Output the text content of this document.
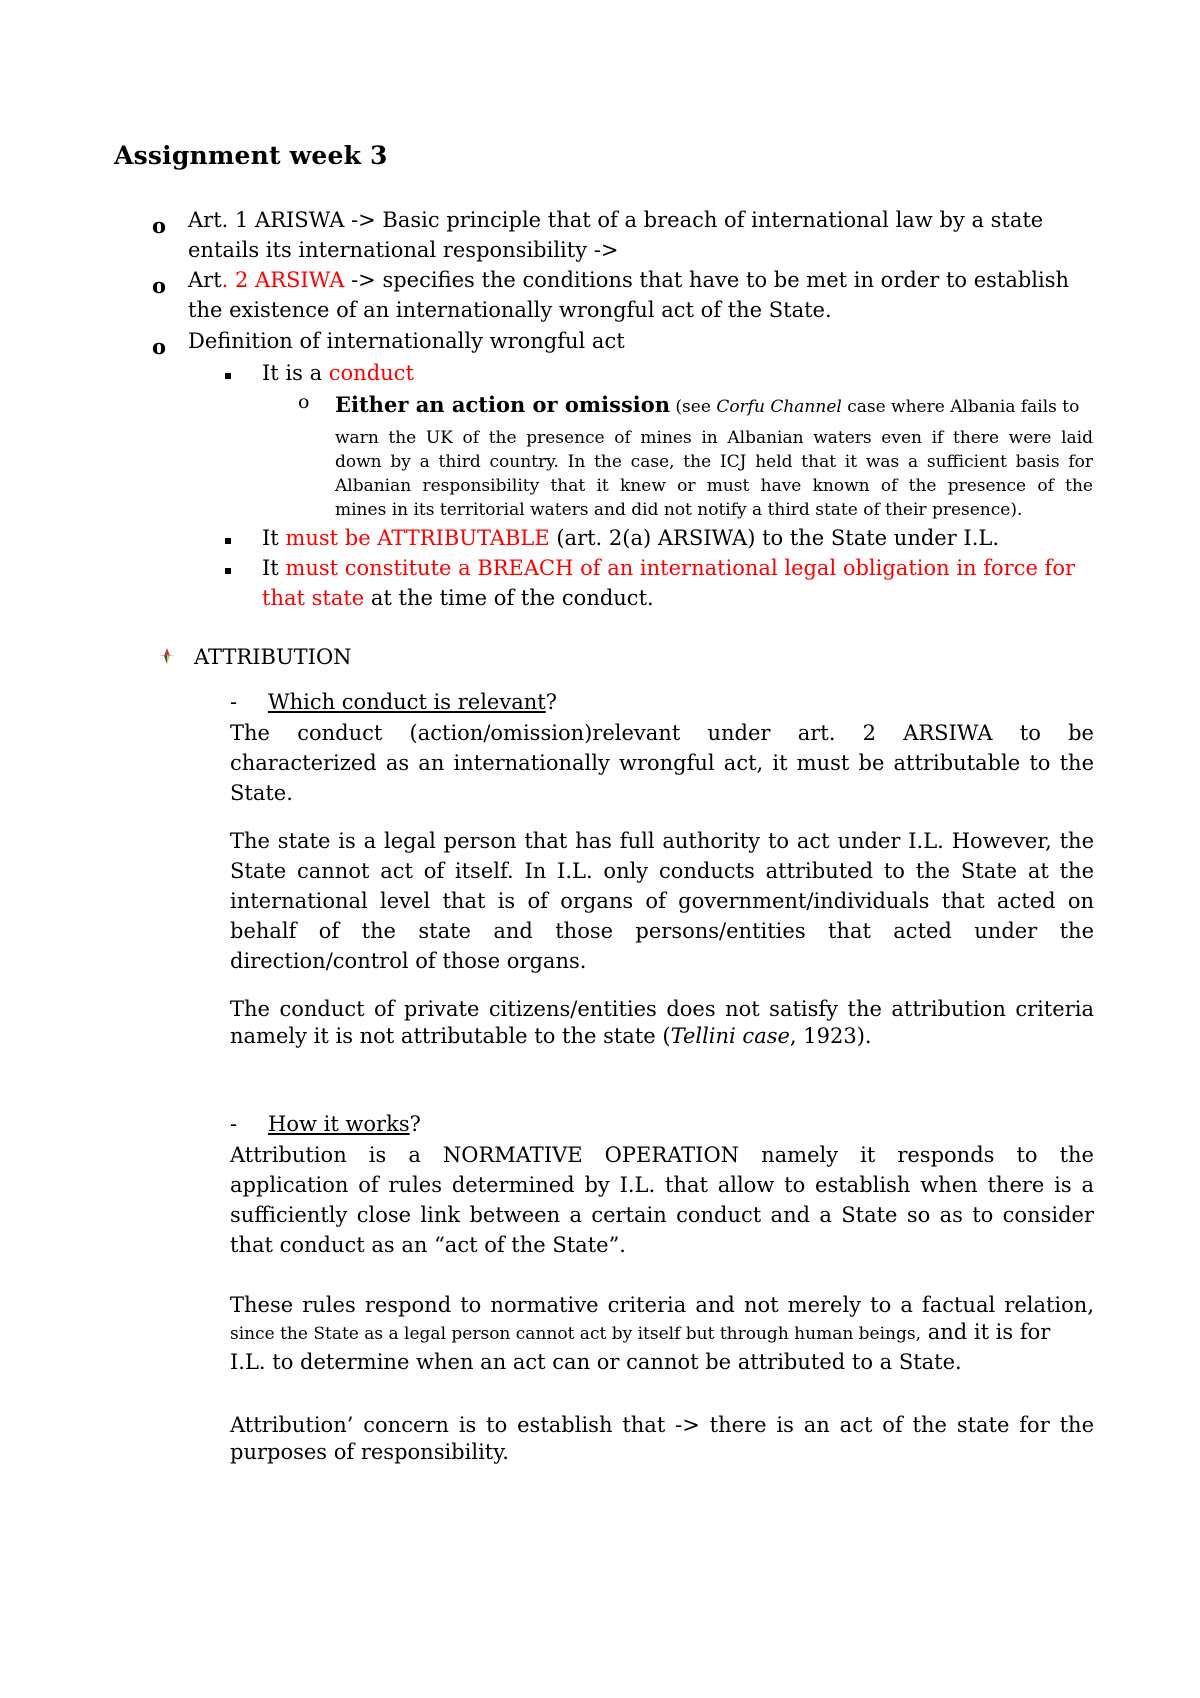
Assignment week 3
o Art. 1 ARISWA -> Basic principle that of a breach of international law by a state
entails its international responsibility ->
o Art. 2 ARSIWA -> specifies the conditions that have to be met in order to establish
the existence of an internationally wrongful act of the State.
o Definition of internationally wrongful act
It is a conduct
o Either an action or omission (see Corfu Channel case where Albania fails to
warn the UK of the presence of mines in Albanian waters even if there were laid
down by a third country. In the case, the ICJ held that it was a sufficient basis for
Albanian responsibility that it knew or must have known of the presence of the
mines in its territorial waters and did not notify a third state of their presence).
It must be ATTRIBUTABLE (art. 2(a) ARSIWA) to the State under I.L.
It must constitute a BREACH of an international legal obligation in force for
that state at the time of the conduct.
ATTRIBUTION
- Which conduct is relevant?
The conduct (action/omission)relevant under art. 2 ARSIWA to be
characterized as an internationally wrongful act, it must be attributable to the
State.
The state is a legal person that has full authority to act under I.L. However, the
State cannot act of itself. In I.L. only conducts attributed to the State at the
international level that is of organs of government/individuals that acted on
behalf of the state and those persons/entities that acted under the
direction/control of those organs.
The conduct of private citizens/entities does not satisfy the attribution criteria
namely it is not attributable to the state (Tellini case, 1923).
- How it works?
Attribution is a NORMATIVE OPERATION namely it responds to the
application of rules determined by I.L. that allow to establish when there is a
sufficiently close link between a certain conduct and a State so as to consider
that conduct as an “act of the State”.
These rules respond to normative criteria and not merely to a factual relation,
since the State as a legal person cannot act by itself but through human beings, and it is for
I.L. to determine when an act can or cannot be attributed to a State.
Attribution’ concern is to establish that -> there is an act of the state for the
purposes of responsibility.
